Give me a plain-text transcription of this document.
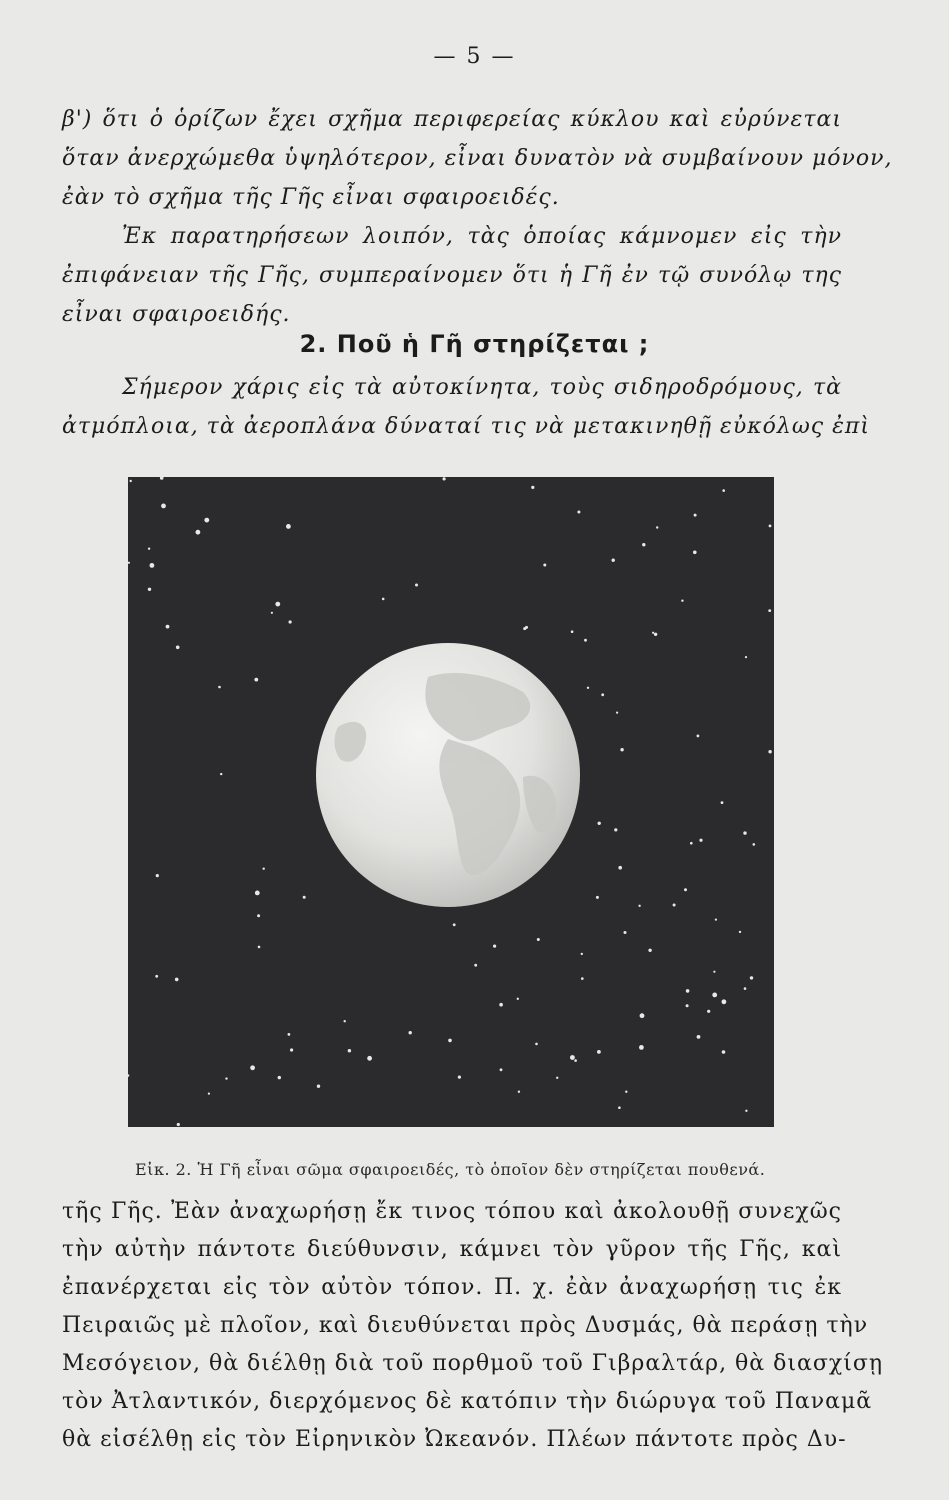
— 5 —
β') ὅτι ὁ ὁρίζων ἔχει σχῆμα περιφερείας κύκλου καὶ εὐρύνεται
ὅταν ἀνερχώμεθα ὑψηλότερον, εἶναι δυνατὸν νὰ συμβαίνουν μόνον,
ἐὰν τὸ σχῆμα τῆς Γῆς εἶναι σφαιροειδές.
Ἐκ παρατηρήσεων λοιπόν, τὰς ὁποίας κάμνομεν εἰς τὴν
ἐπιφάνειαν τῆς Γῆς, συμπεραίνομεν ὅτι ἡ Γῆ ἐν τῷ συνόλῳ της
εἶναι σφαιροειδής.
2. Ποῦ ἡ Γῆ στηρίζεται ;
Σήμερον χάρις εἰς τὰ αὐτοκίνητα, τοὺς σιδηροδρόμους, τὰ
ἀτμόπλοια, τὰ ἀεροπλάνα δύναταί τις νὰ μετακινηθῇ εὐκόλως ἐπὶ
Εἰκ. 2. Ἡ Γῆ εἶναι σῶμα σφαιροειδές, τὸ ὁποῖον δὲν στηρίζεται πουθενά.
τῆς Γῆς. Ἐὰν ἀναχωρήσῃ ἔκ τινος τόπου καὶ ἀκολουθῇ συνεχῶς
τὴν αὐτὴν πάντοτε διεύθυνσιν, κάμνει τὸν γῦρον τῆς Γῆς, καὶ
ἐπανέρχεται εἰς τὸν αὐτὸν τόπον. Π. χ. ἐὰν ἀναχωρήσῃ τις ἐκ
Πειραιῶς μὲ πλοῖον, καὶ διευθύνεται πρὸς Δυσμάς, θὰ περάσῃ τὴν
Μεσόγειον, θὰ διέλθῃ διὰ τοῦ πορθμοῦ τοῦ Γιβραλτάρ, θὰ διασχίσῃ
τὸν Ἀτλαντικόν, διερχόμενος δὲ κατόπιν τὴν διώρυγα τοῦ Παναμᾶ
θὰ εἰσέλθῃ εἰς τὸν Εἰρηνικὸν Ὠκεανόν. Πλέων πάντοτε πρὸς Δυ-
